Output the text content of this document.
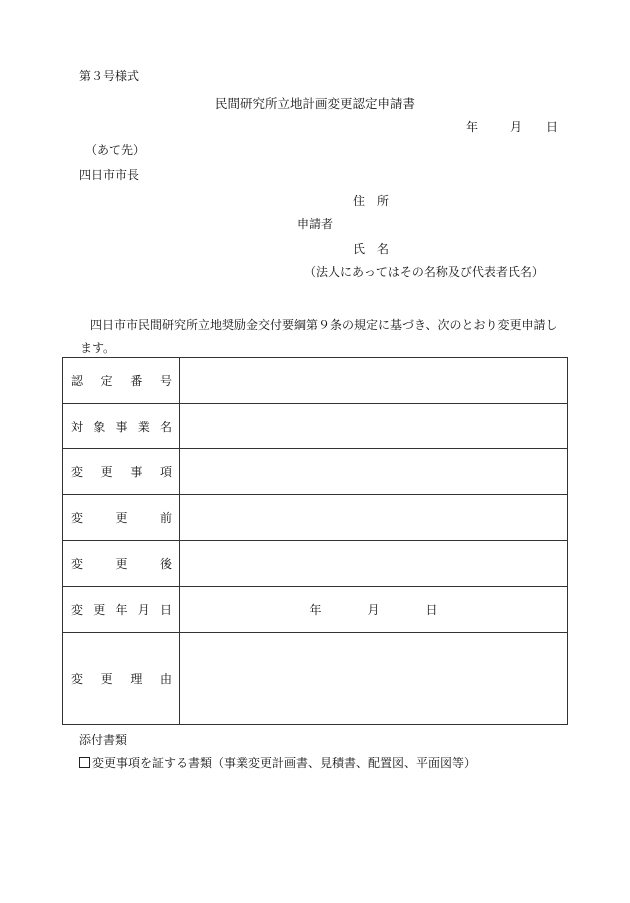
第３号様式
民間研究所立地計画変更認定申請書
年	月 日
（あて先）
四日市市長
住　所
申請者
氏　名
（法人にあってはその名称及び代表者氏名）
四日市市民間研究所立地奨励金交付要綱第９条の規定に基づき、次のとおり変更申請します。
認 定 番 号	

対 象 事 業 名	

変 更 事 項	

変 更 前	

変 更 後	

変 更 年 月 日	年 月 日

変 更 理 由	

添付書類
変更事項を証する書類（事業変更計画書、見積書、配置図、平面図等）
